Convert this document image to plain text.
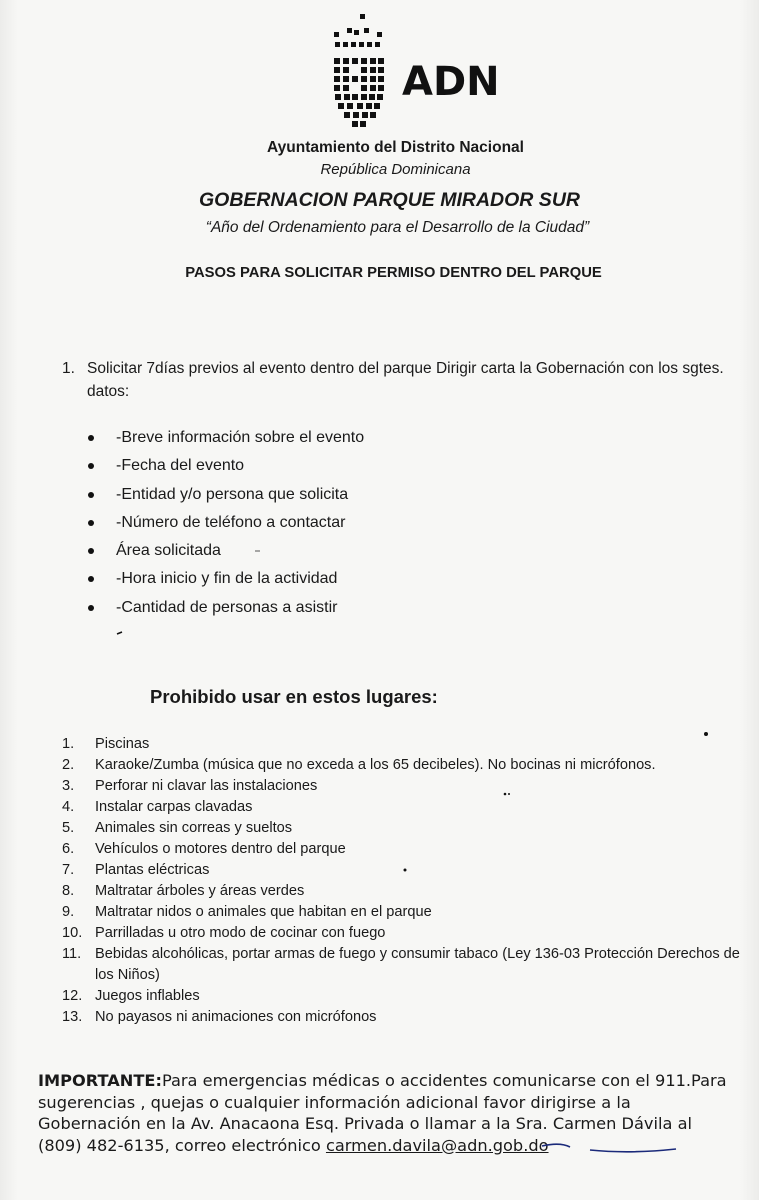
ADN
Ayuntamiento del Distrito Nacional
República Dominicana
GOBERNACION PARQUE MIRADOR SUR
“Año del Ordenamiento para el Desarrollo de la Ciudad”
PASOS PARA SOLICITAR PERMISO DENTRO DEL PARQUE
1. Solicitar 7días previos al evento dentro del parque Dirigir carta la Gobernación con los sgtes. datos:
-Breve información sobre el evento
-Fecha del evento
-Entidad y/o persona que solicita
-Número de teléfono a contactar
Área solicitada
-Hora inicio y fin de la actividad
-Cantidad de personas a asistir
Prohibido usar en estos lugares:
1. Piscinas
2. Karaoke/Zumba (música que no exceda a los 65 decibeles). No bocinas ni micrófonos.
3. Perforar ni clavar las instalaciones
4. Instalar carpas clavadas
5. Animales sin correas y sueltos
6. Vehículos o motores dentro del parque
7. Plantas eléctricas
8. Maltratar árboles y áreas verdes
9. Maltratar nidos o animales que habitan en el parque
10. Parrilladas u otro modo de cocinar con fuego
11. Bebidas alcohólicas, portar armas de fuego y consumir tabaco (Ley 136-03 Protección Derechos de los Niños)
12. Juegos inflables
13. No payasos ni animaciones con micrófonos
IMPORTANTE:Para emergencias médicas o accidentes comunicarse con el 911.Para sugerencias , quejas o cualquier información adicional favor dirigirse a la Gobernación en la Av. Anacaona Esq. Privada o llamar a la Sra. Carmen Dávila al (809) 482-6135, correo electrónico carmen.davila@adn.gob.do
